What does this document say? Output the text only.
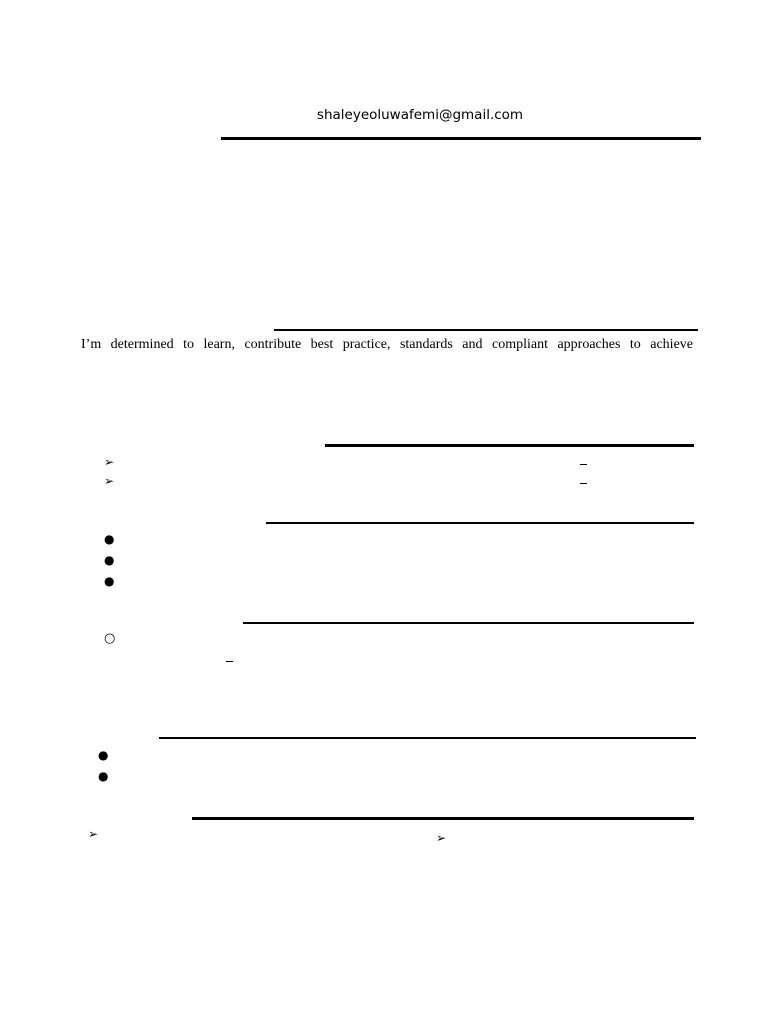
shaleyeoluwafemi@gmail.com
I’m determined to learn, contribute best practice, standards and compliant approaches to achieve
➢
➢
●
●
●
○
●
●
➢	➢
